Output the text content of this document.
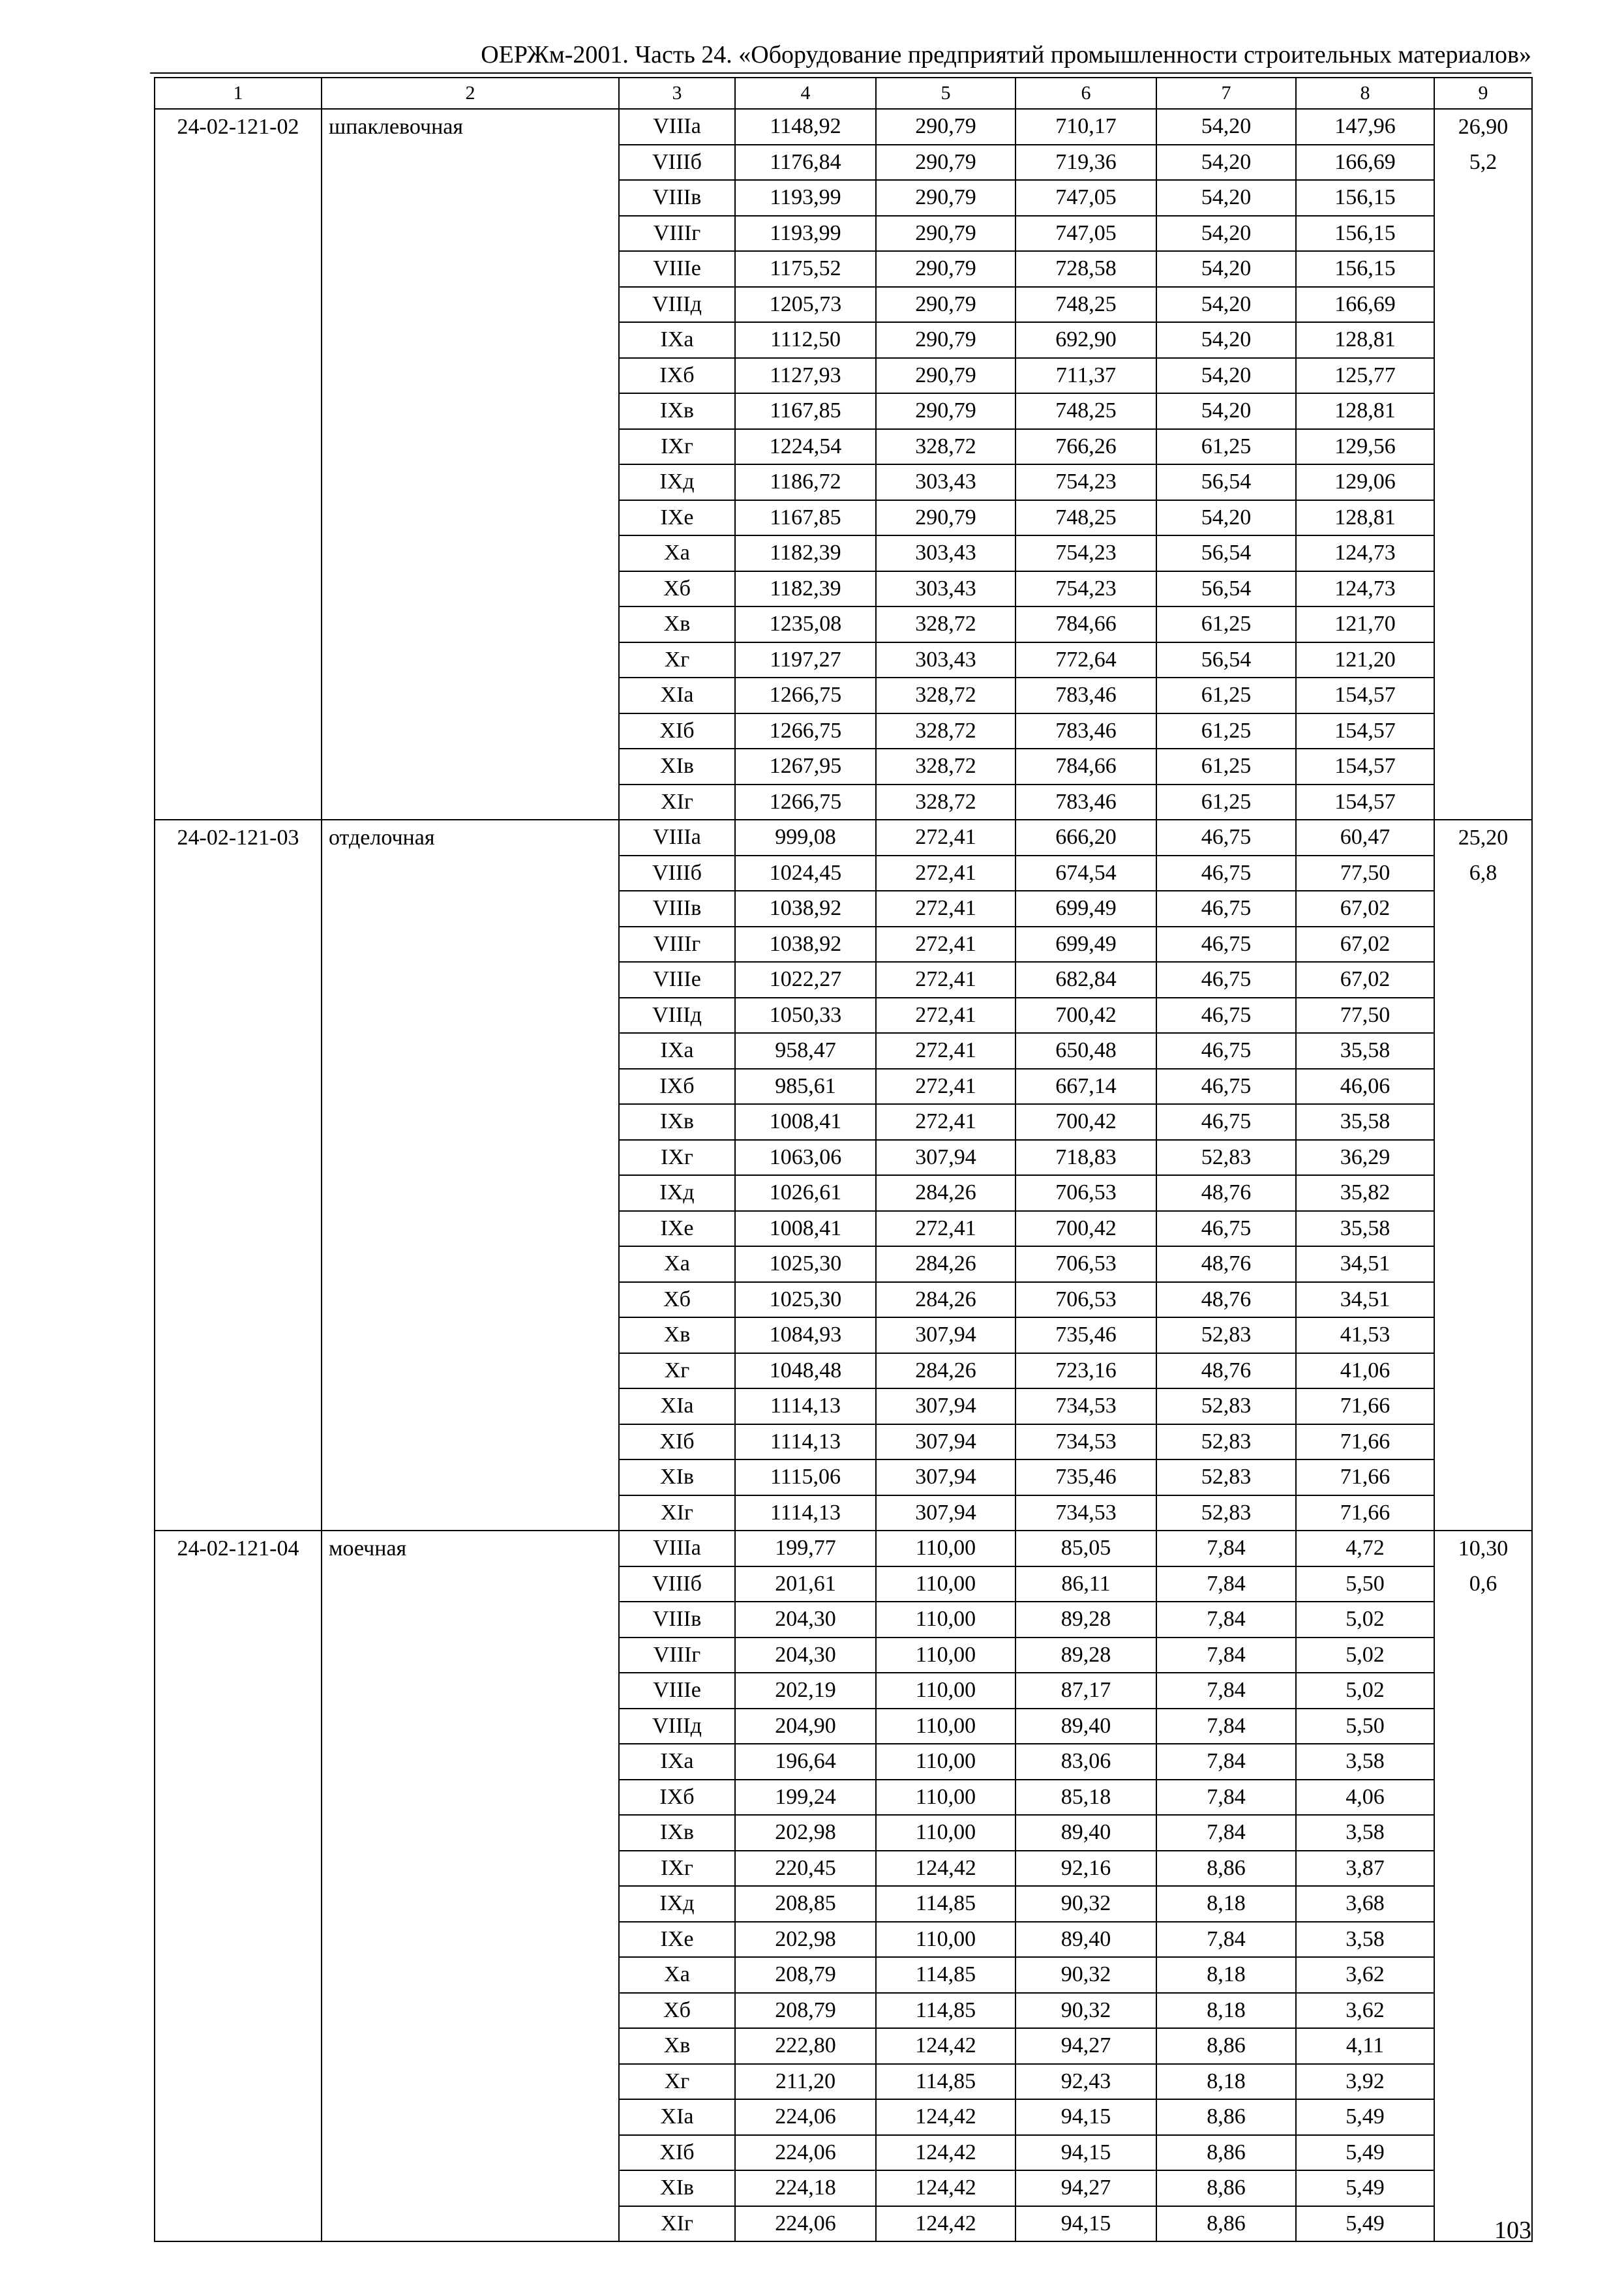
ОЕРЖм-2001. Часть 24. «Оборудование предприятий промышленности строительных материалов»
1	2	3	4	5	6	7	8	9
24-02-121-02	шпаклевочная	VIIIа	1148,92	290,79	710,17	54,20	147,96	26,90
		VIIIб	1176,84	290,79	719,36	54,20	166,69	5,2
		VIIIв	1193,99	290,79	747,05	54,20	156,15	
		VIIIг	1193,99	290,79	747,05	54,20	156,15	
		VIIIе	1175,52	290,79	728,58	54,20	156,15	
		VIIIд	1205,73	290,79	748,25	54,20	166,69	
		IXа	1112,50	290,79	692,90	54,20	128,81	
		IXб	1127,93	290,79	711,37	54,20	125,77	
		IXв	1167,85	290,79	748,25	54,20	128,81	
		IXг	1224,54	328,72	766,26	61,25	129,56	
		IXд	1186,72	303,43	754,23	56,54	129,06	
		IXе	1167,85	290,79	748,25	54,20	128,81	
		Xа	1182,39	303,43	754,23	56,54	124,73	
		Xб	1182,39	303,43	754,23	56,54	124,73	
		Xв	1235,08	328,72	784,66	61,25	121,70	
		Xг	1197,27	303,43	772,64	56,54	121,20	
		XIа	1266,75	328,72	783,46	61,25	154,57	
		XIб	1266,75	328,72	783,46	61,25	154,57	
		XIв	1267,95	328,72	784,66	61,25	154,57	
		XIг	1266,75	328,72	783,46	61,25	154,57	
24-02-121-03	отделочная	VIIIа	999,08	272,41	666,20	46,75	60,47	25,20
		VIIIб	1024,45	272,41	674,54	46,75	77,50	6,8
		VIIIв	1038,92	272,41	699,49	46,75	67,02	
		VIIIг	1038,92	272,41	699,49	46,75	67,02	
		VIIIе	1022,27	272,41	682,84	46,75	67,02	
		VIIIд	1050,33	272,41	700,42	46,75	77,50	
		IXа	958,47	272,41	650,48	46,75	35,58	
		IXб	985,61	272,41	667,14	46,75	46,06	
		IXв	1008,41	272,41	700,42	46,75	35,58	
		IXг	1063,06	307,94	718,83	52,83	36,29	
		IXд	1026,61	284,26	706,53	48,76	35,82	
		IXе	1008,41	272,41	700,42	46,75	35,58	
		Xа	1025,30	284,26	706,53	48,76	34,51	
		Xб	1025,30	284,26	706,53	48,76	34,51	
		Xв	1084,93	307,94	735,46	52,83	41,53	
		Xг	1048,48	284,26	723,16	48,76	41,06	
		XIа	1114,13	307,94	734,53	52,83	71,66	
		XIб	1114,13	307,94	734,53	52,83	71,66	
		XIв	1115,06	307,94	735,46	52,83	71,66	
		XIг	1114,13	307,94	734,53	52,83	71,66	
24-02-121-04	моечная	VIIIа	199,77	110,00	85,05	7,84	4,72	10,30
		VIIIб	201,61	110,00	86,11	7,84	5,50	0,6
		VIIIв	204,30	110,00	89,28	7,84	5,02	
		VIIIг	204,30	110,00	89,28	7,84	5,02	
		VIIIе	202,19	110,00	87,17	7,84	5,02	
		VIIIд	204,90	110,00	89,40	7,84	5,50	
		IXа	196,64	110,00	83,06	7,84	3,58	
		IXб	199,24	110,00	85,18	7,84	4,06	
		IXв	202,98	110,00	89,40	7,84	3,58	
		IXг	220,45	124,42	92,16	8,86	3,87	
		IXд	208,85	114,85	90,32	8,18	3,68	
		IXе	202,98	110,00	89,40	7,84	3,58	
		Xа	208,79	114,85	90,32	8,18	3,62	
		Xб	208,79	114,85	90,32	8,18	3,62	
		Xв	222,80	124,42	94,27	8,86	4,11	
		Xг	211,20	114,85	92,43	8,18	3,92	
		XIа	224,06	124,42	94,15	8,86	5,49	
		XIб	224,06	124,42	94,15	8,86	5,49	
		XIв	224,18	124,42	94,27	8,86	5,49	
		XIг	224,06	124,42	94,15	8,86	5,49		103
